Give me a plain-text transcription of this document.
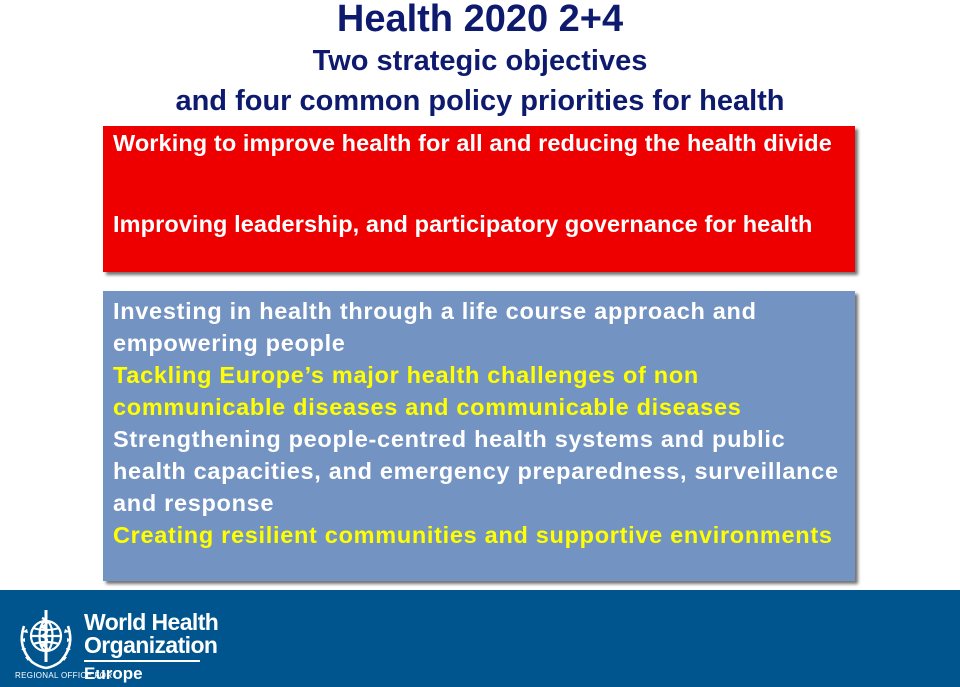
Health 2020 2+4
Two strategic objectives
and four common policy priorities for health
Working to improve health for all and reducing the health divide
Improving leadership, and participatory governance for health
Investing in health through a life course approach and empowering people
Tackling Europe’s major health challenges of non communicable diseases and communicable diseases
Strengthening people-centred health systems and public health capacities, and emergency preparedness, surveillance and response
Creating resilient communities and supportive environments
World Health
Organization
REGIONAL OFFICE FOR
Europe
